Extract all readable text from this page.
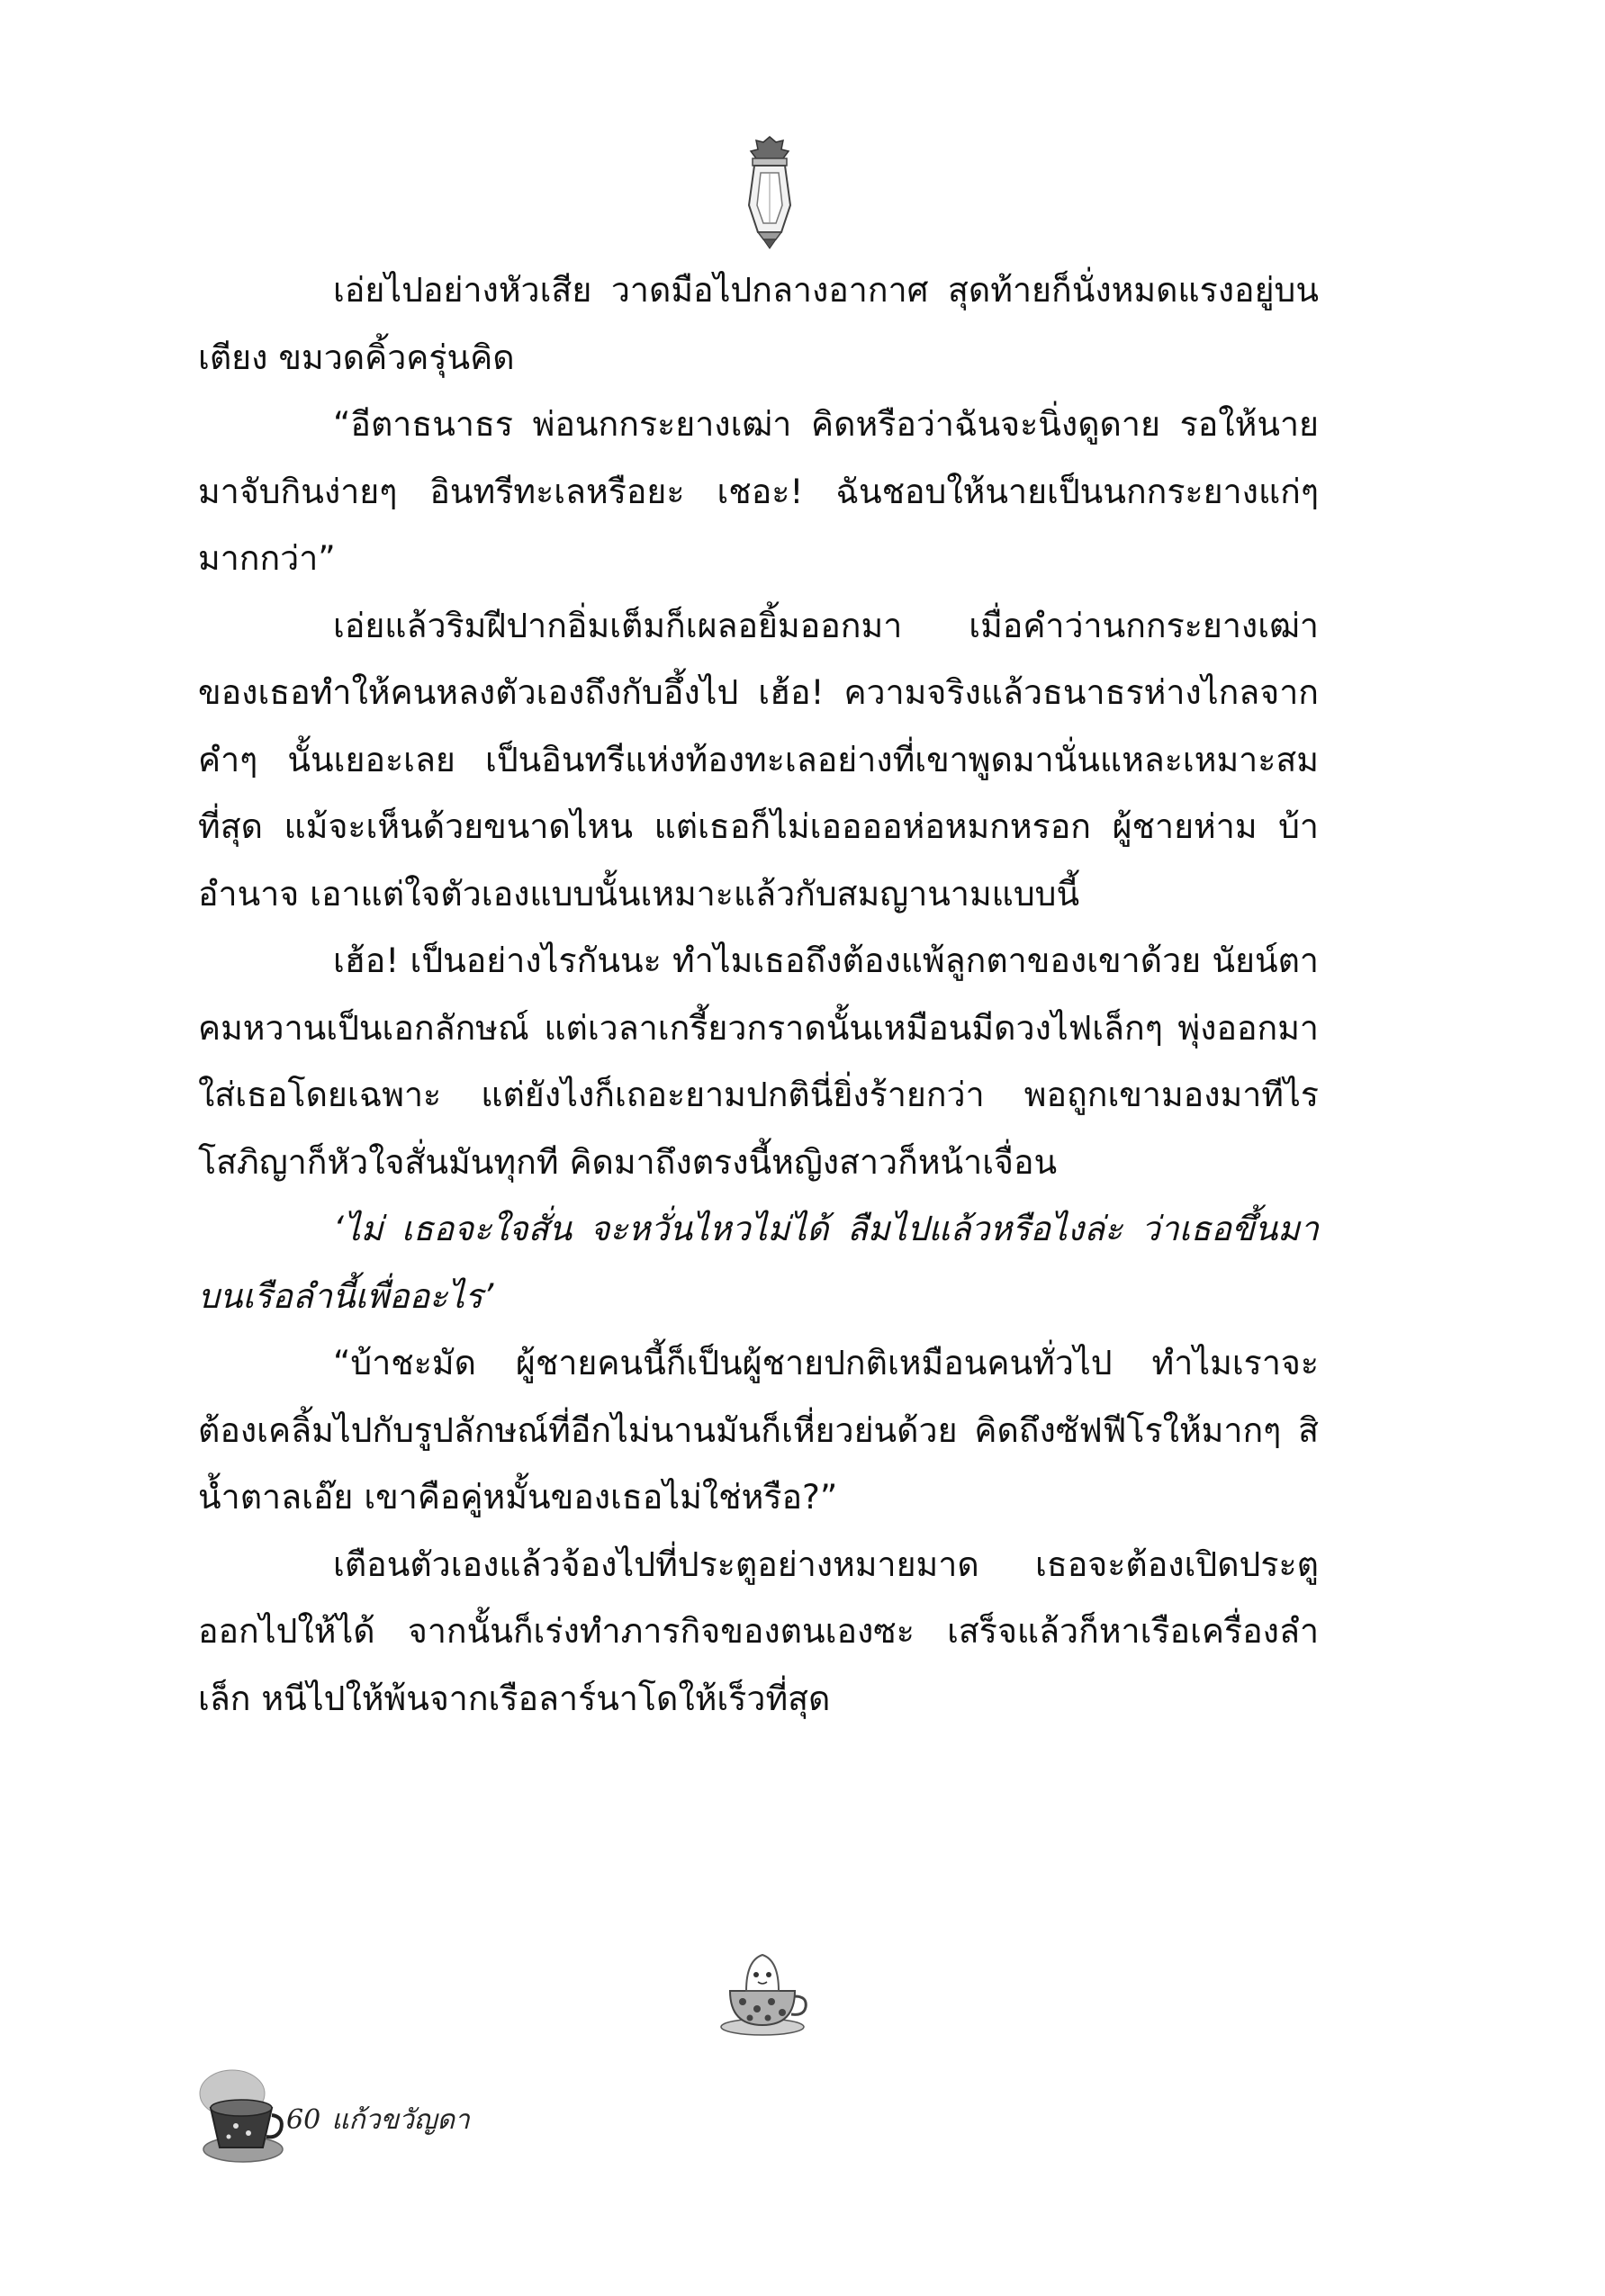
เอ่ยไปอย่างหัวเสีย วาดมือไปกลางอากาศ สุดท้ายก็นั่งหมดแรงอยู่บนเตียง ขมวดคิ้วครุ่นคิด

“อีตาธนาธร พ่อนกกระยางเฒ่า คิดหรือว่าฉันจะนิ่งดูดาย รอให้นายมาจับกินง่ายๆ อินทรีทะเลหรือยะ เชอะ! ฉันชอบให้นายเป็นนกกระยางแก่ๆ มากกว่า”

เอ่ยแล้วริมฝีปากอิ่มเต็มก็เผลอยิ้มออกมา เมื่อคำว่านกกระยางเฒ่าของเธอทำให้คนหลงตัวเองถึงกับอึ้งไป เฮ้อ! ความจริงแล้วธนาธรห่างไกลจากคำๆ นั้นเยอะเลย เป็นอินทรีแห่งท้องทะเลอย่างที่เขาพูดมานั่นแหละเหมาะสมที่สุด แม้จะเห็นด้วยขนาดไหน แต่เธอก็ไม่เออออห่อหมกหรอก ผู้ชายห่าม บ้าอำนาจ เอาแต่ใจตัวเองแบบนั้นเหมาะแล้วกับสมญานามแบบนี้

เฮ้อ! เป็นอย่างไรกันนะ ทำไมเธอถึงต้องแพ้ลูกตาของเขาด้วย นัยน์ตาคมหวานเป็นเอกลักษณ์ แต่เวลาเกรี้ยวกราดนั้นเหมือนมีดวงไฟเล็กๆ พุ่งออกมาใส่เธอโดยเฉพาะ แต่ยังไงก็เถอะยามปกตินี่ยิ่งร้ายกว่า พอถูกเขามองมาทีไร โสภิญาก็หัวใจสั่นมันทุกที คิดมาถึงตรงนี้หญิงสาวก็หน้าเจื่อน

‘ไม่ เธอจะใจสั่น จะหวั่นไหวไม่ได้ ลืมไปแล้วหรือไงล่ะ ว่าเธอขึ้นมาบนเรือลำนี้เพื่ออะไร’

“บ้าชะมัด ผู้ชายคนนี้ก็เป็นผู้ชายปกติเหมือนคนทั่วไป ทำไมเราจะต้องเคลิ้มไปกับรูปลักษณ์ที่อีกไม่นานมันก็เหี่ยวย่นด้วย คิดถึงซัฟฟีโรให้มากๆ สิน้ำตาลเอ๊ย เขาคือคู่หมั้นของเธอไม่ใช่หรือ?”

เตือนตัวเองแล้วจ้องไปที่ประตูอย่างหมายมาด เธอจะต้องเปิดประตูออกไปให้ได้ จากนั้นก็เร่งทำภารกิจของตนเองซะ เสร็จแล้วก็หาเรือเครื่องลำเล็ก หนีไปให้พ้นจากเรือลาร์นาโดให้เร็วที่สุด

60 แก้วขวัญดา
